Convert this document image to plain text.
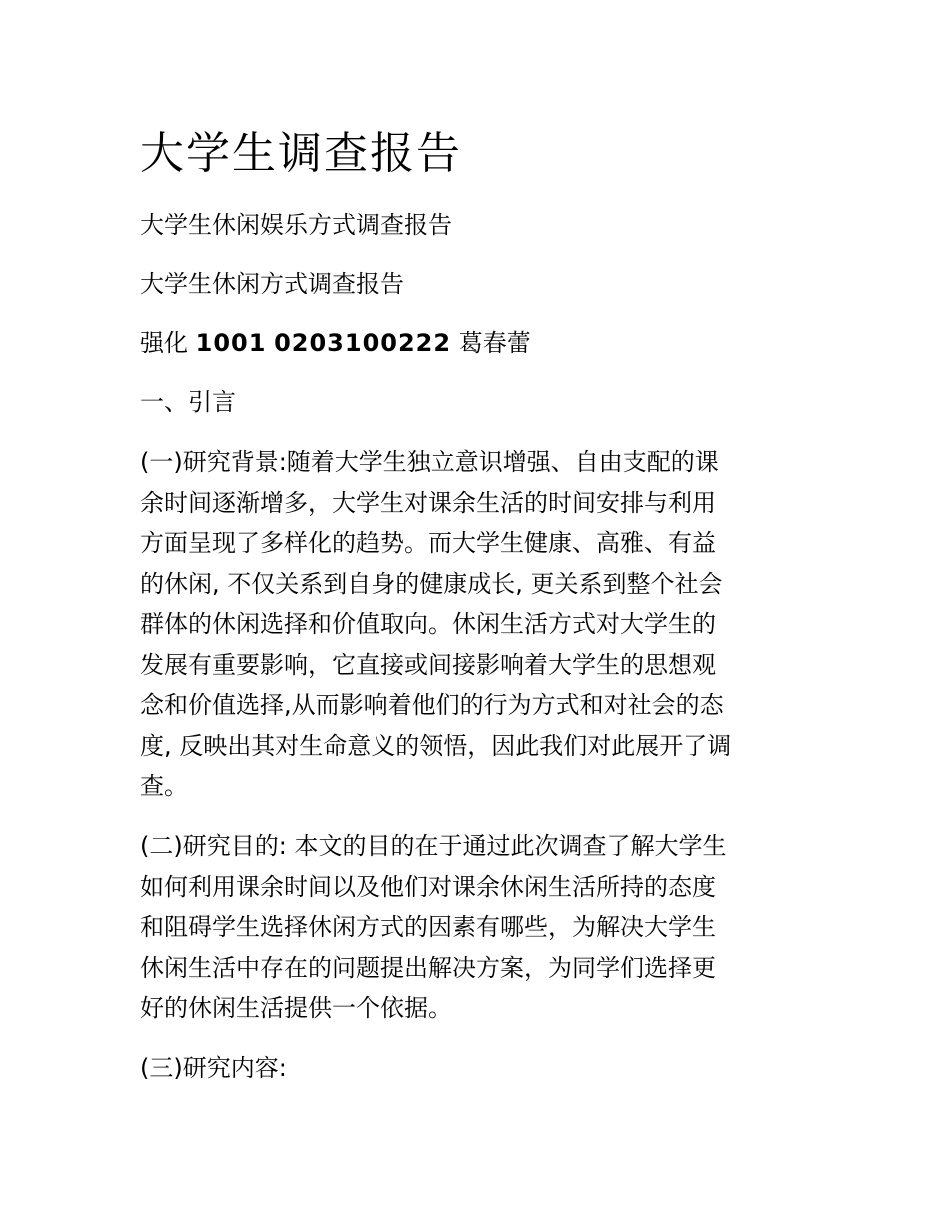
大学生调查报告

大学生休闲娱乐方式调查报告

大学生休闲方式调查报告

强化 1001 0203100222 葛春蕾

一、引言

(一)研究背景:随着大学生独立意识增强、自由支配的课
余时间逐渐增多，大学生对课余生活的时间安排与利用
方面呈现了多样化的趋势。而大学生健康、高雅、有益
的休闲, 不仅关系到自身的健康成长, 更关系到整个社会
群体的休闲选择和价值取向。休闲生活方式对大学生的
发展有重要影响，它直接或间接影响着大学生的思想观
念和价值选择,从而影响着他们的行为方式和对社会的态
度, 反映出其对生命意义的领悟，因此我们对此展开了调
查。
(二)研究目的: 本文的目的在于通过此次调查了解大学生
如何利用课余时间以及他们对课余休闲生活所持的态度
和阻碍学生选择休闲方式的因素有哪些，为解决大学生
休闲生活中存在的问题提出解决方案，为同学们选择更
好的休闲生活提供一个依据。
(三)研究内容:
